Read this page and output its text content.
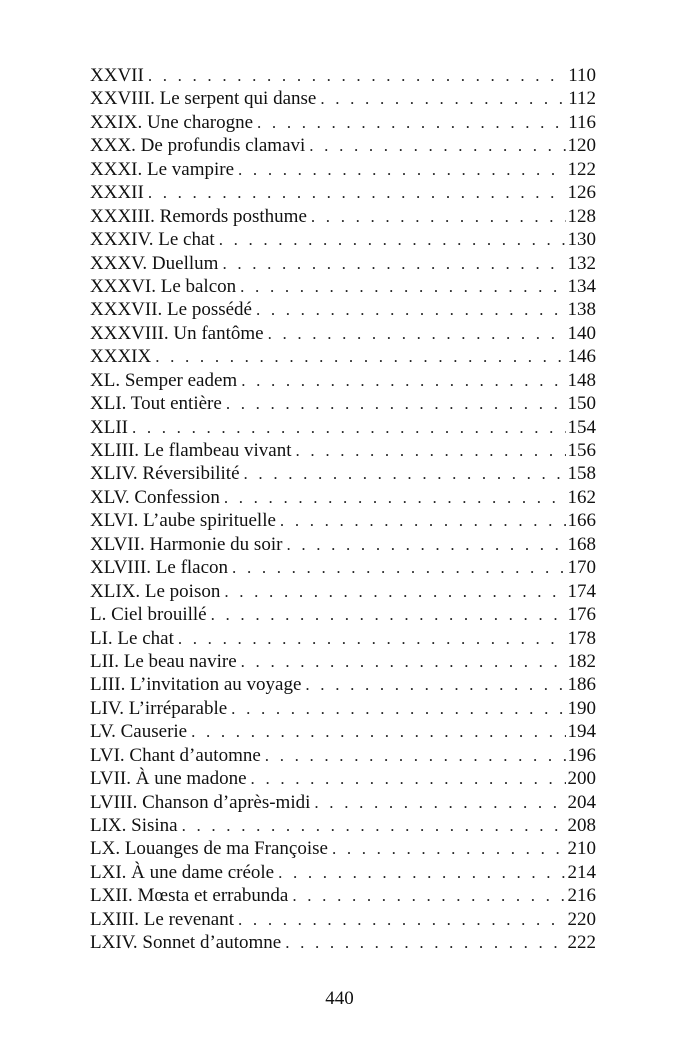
XXVII . . .	110
XXVIII. Le serpent qui danse . . .	112
XXIX. Une charogne . . .	116
XXX. De profundis clamavi . . .	120
XXXI. Le vampire . . .	122
XXXII . . .	126
XXXIII. Remords posthume . . .	128
XXXIV. Le chat . . .	130
XXXV. Duellum . . .	132
XXXVI. Le balcon . . .	134
XXXVII. Le possédé . . .	138
XXXVIII. Un fantôme . . .	140
XXXIX . . .	146
XL. Semper eadem . . .	148
XLI. Tout entière . . .	150
XLII . . .	154
XLIII. Le flambeau vivant . . .	156
XLIV. Réversibilité . . .	158
XLV. Confession . . .	162
XLVI. L’aube spirituelle . . .	166
XLVII. Harmonie du soir . . .	168
XLVIII. Le flacon . . .	170
XLIX. Le poison . . .	174
L. Ciel brouillé . . .	176
LI. Le chat . . .	178
LII. Le beau navire . . .	182
LIII. L’invitation au voyage . . .	186
LIV. L’irréparable . . .	190
LV. Causerie . . .	194
LVI. Chant d’automne . . .	196
LVII. À une madone . . .	200
LVIII. Chanson d’après-midi . . .	204
LIX. Sisina . . .	208
LX. Louanges de ma Françoise . . .	210
LXI. À une dame créole . . .	214
LXII. Mœsta et errabunda . . .	216
LXIII. Le revenant . . .	220
LXIV. Sonnet d’automne . . .	222
440
